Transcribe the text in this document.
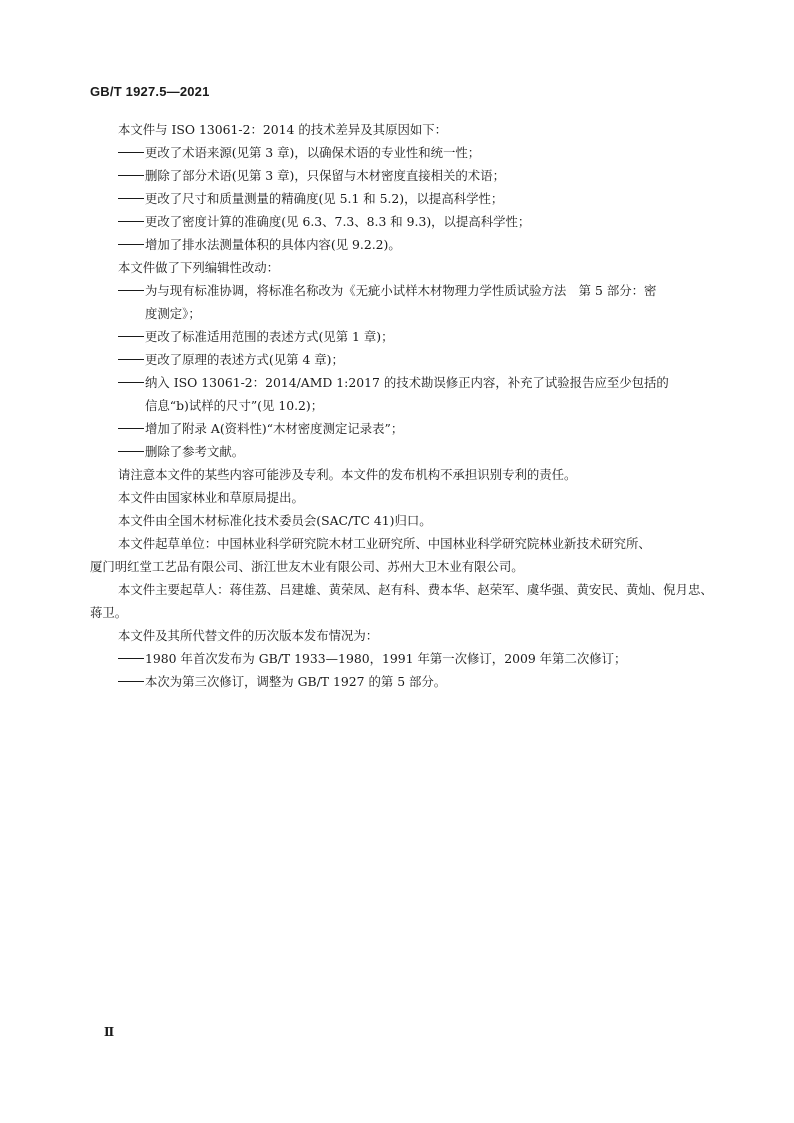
GB/T 1927.5—2021
本文件与 ISO 13061-2：2014 的技术差异及其原因如下：
更改了术语来源(见第 3 章)，以确保术语的专业性和统一性；
删除了部分术语(见第 3 章)，只保留与木材密度直接相关的术语；
更改了尺寸和质量测量的精确度(见 5.1 和 5.2)，以提高科学性；
更改了密度计算的准确度(见 6.3、7.3、8.3 和 9.3)，以提高科学性；
增加了排水法测量体积的具体内容(见 9.2.2)。
本文件做了下列编辑性改动：
为与现有标准协调，将标准名称改为《无疵小试样木材物理力学性质试验方法　第 5 部分：密
度测定》；
更改了标准适用范围的表述方式(见第 1 章)；
更改了原理的表述方式(见第 4 章)；
纳入 ISO 13061-2：2014/AMD 1:2017 的技术勘误修正内容，补充了试验报告应至少包括的
信息“b)试样的尺寸”(见 10.2)；
增加了附录 A(资料性)“木材密度测定记录表”；
删除了参考文献。
请注意本文件的某些内容可能涉及专利。本文件的发布机构不承担识别专利的责任。
本文件由国家林业和草原局提出。
本文件由全国木材标准化技术委员会(SAC/TC 41)归口。
本文件起草单位：中国林业科学研究院木材工业研究所、中国林业科学研究院林业新技术研究所、
厦门明红堂工艺品有限公司、浙江世友木业有限公司、苏州大卫木业有限公司。
本文件主要起草人：蒋佳荔、吕建雄、黄荣凤、赵有科、费本华、赵荣军、虞华强、黄安民、黄灿、倪月忠、
蒋卫。
本文件及其所代替文件的历次版本发布情况为：
1980 年首次发布为 GB/T 1933—1980，1991 年第一次修订，2009 年第二次修订；
本次为第三次修订，调整为 GB/T 1927 的第 5 部分。
Ⅱ
